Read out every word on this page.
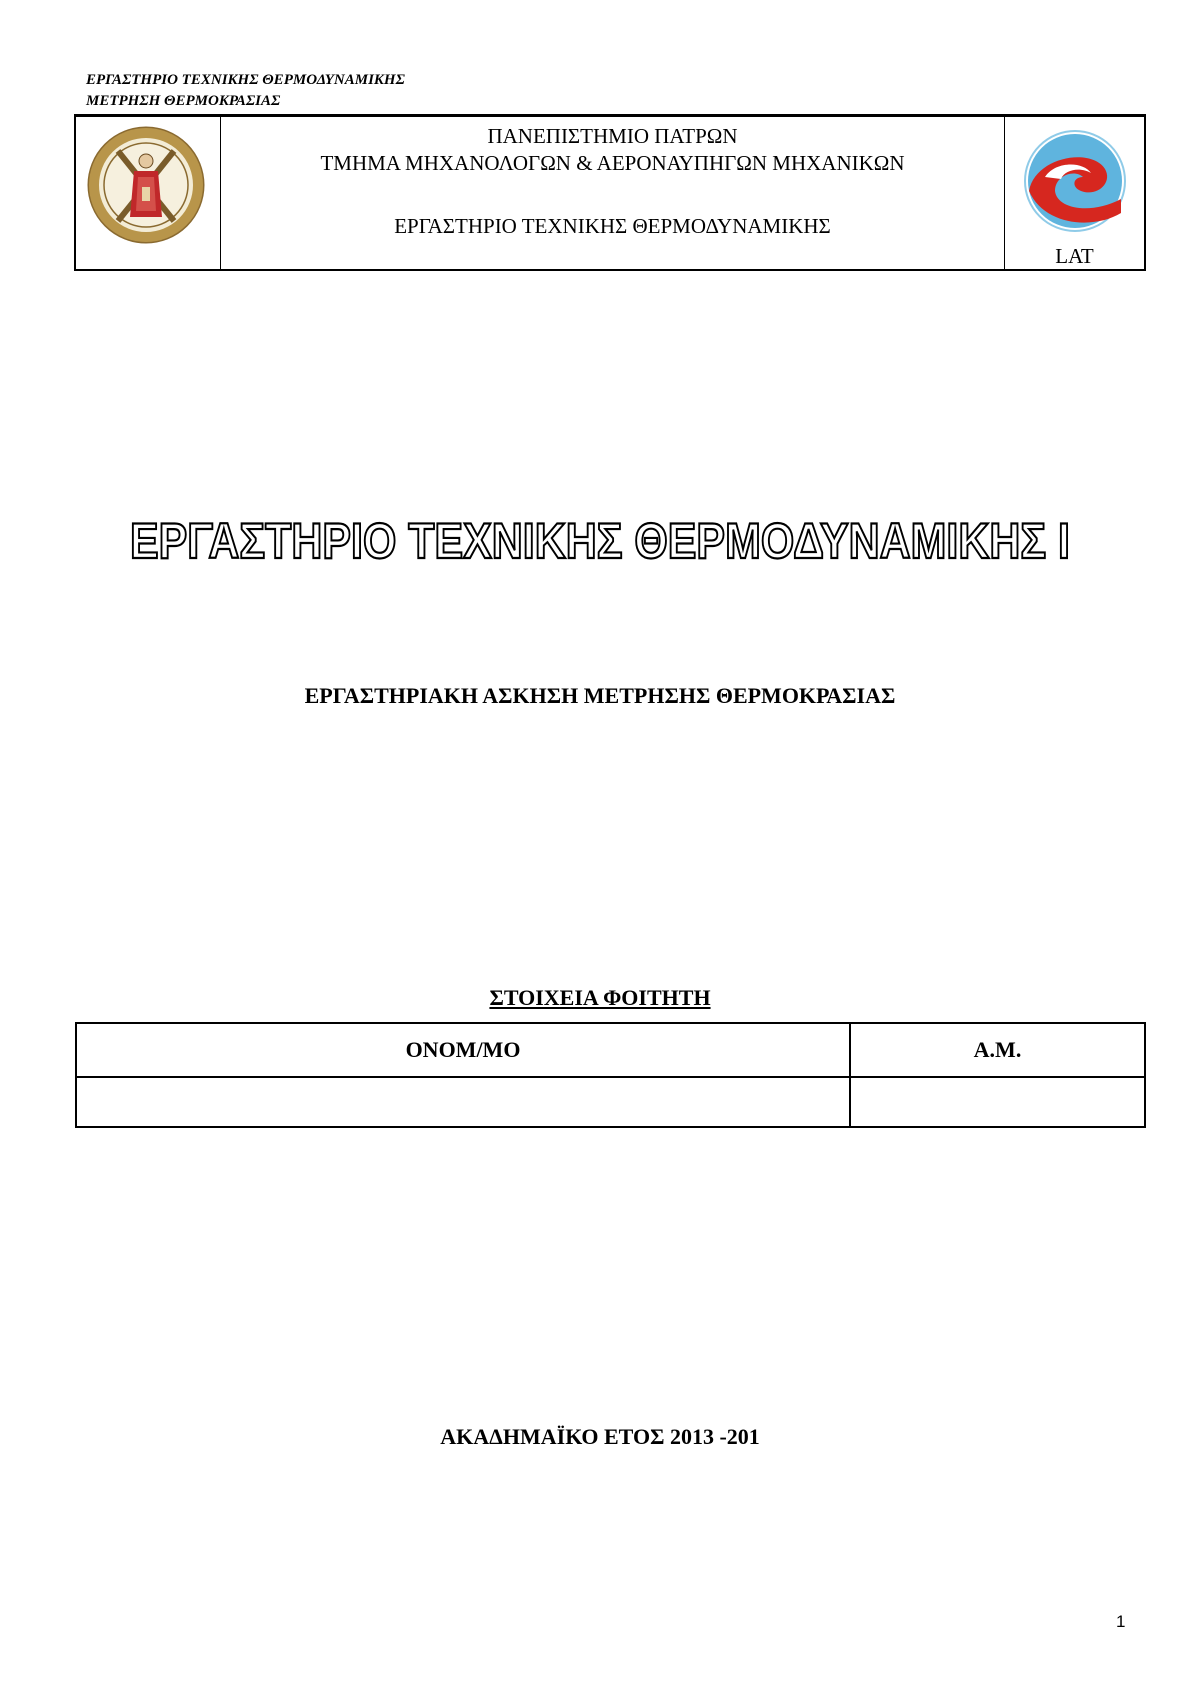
ΕΡΓΑΣΤΗΡΙΟ ΤΕΧΝΙΚΗΣ ΘΕΡΜΟΔΥΝΑΜΙΚΗΣ
ΜΕΤΡΗΣΗ ΘΕΡΜΟΚΡΑΣΙΑΣ
ΠΑΝΕΠΙΣΤΗΜΙΟ ΠΑΤΡΩΝ
ΤΜΗΜΑ ΜΗΧΑΝΟΛΟΓΩΝ & ΑΕΡΟΝΑΥΠΗΓΩΝ ΜΗΧΑΝΙΚΩΝ
ΕΡΓΑΣΤΗΡΙΟ ΤΕΧΝΙΚΗΣ ΘΕΡΜΟΔΥΝΑΜΙΚΗΣ
LAT
ΕΡΓΑΣΤΗΡΙΟ ΤΕΧΝΙΚΗΣ ΘΕΡΜΟΔΥΝΑΜΙΚΗΣ Ι
ΕΡΓΑΣΤΗΡΙΑΚΗ ΑΣΚΗΣΗ ΜΕΤΡΗΣΗΣ ΘΕΡΜΟΚΡΑΣΙΑΣ
ΣΤΟΙΧΕΙΑ ΦΟΙΤΗΤΗ
ΟΝΟΜ/ΜΟ	Α.Μ.

ΑΚΑΔΗΜΑΪΚΟ ΕΤΟΣ 2013 -201
1
